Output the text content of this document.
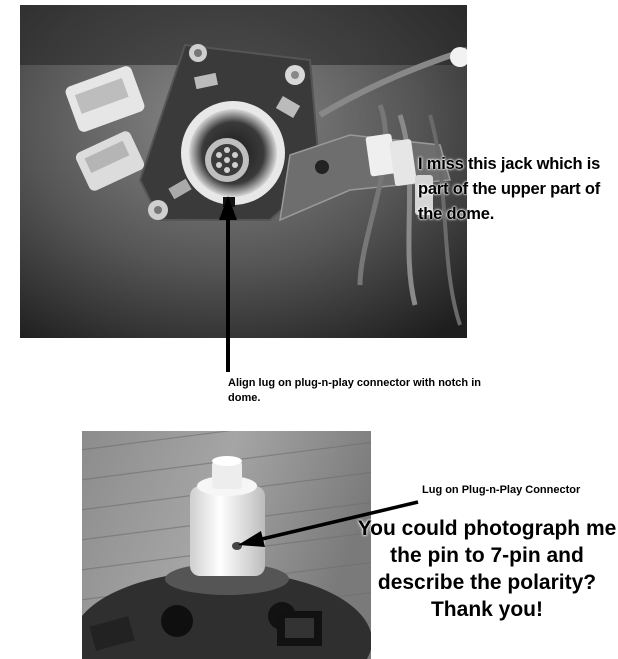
I miss this jack which is part of the upper part of the dome.
Align lug on plug-n-play connector with notch in dome.
Lug on Plug-n-Play Connector
You could photograph me the pin to 7-pin and describe the polarity? Thank you!
